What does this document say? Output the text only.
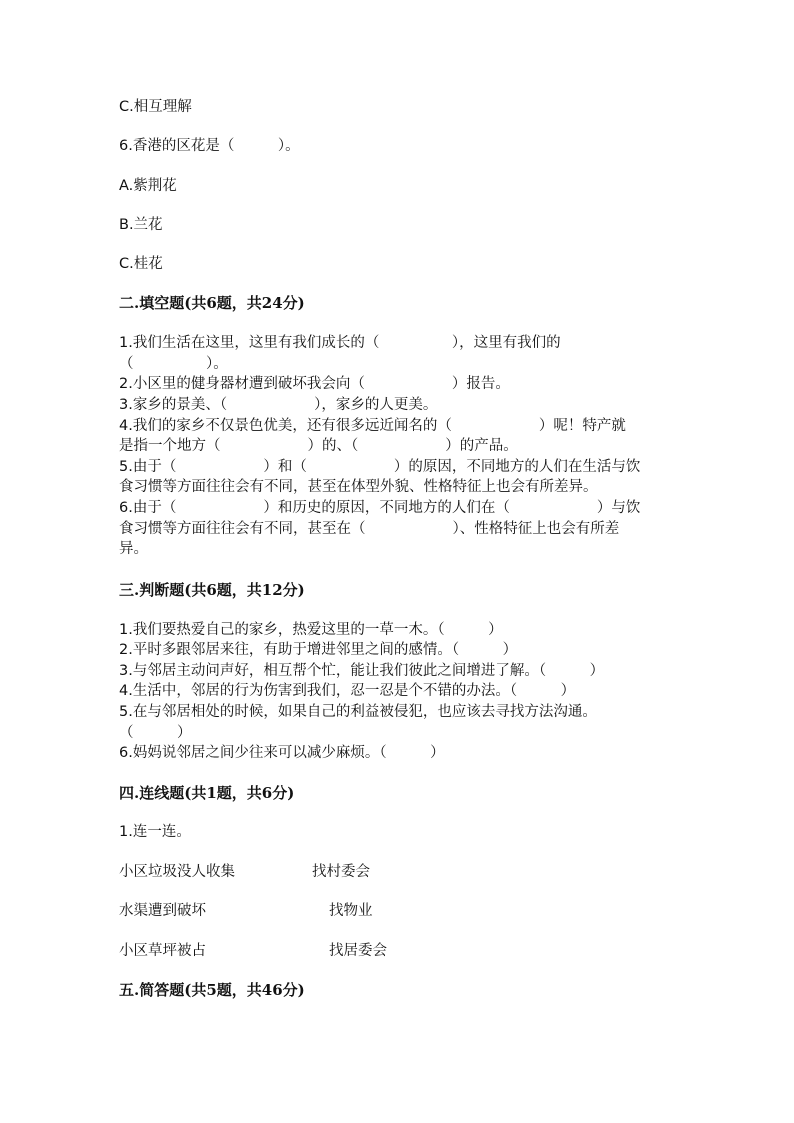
C.相互理解
6.香港的区花是（　　　）。
A.紫荆花
B.兰花
C.桂花
二.填空题(共6题，共24分)
1.我们生活在这里，这里有我们成长的（　　　　　），这里有我们的
（　　　　　）。
2.小区里的健身器材遭到破坏我会向（　　　　　　）报告。
3.家乡的景美、（　　　　　　），家乡的人更美。
4.我们的家乡不仅景色优美，还有很多远近闻名的（　　　　　　）呢！特产就
是指一个地方（　　　　　　）的、（　　　　　　）的产品。
5.由于（　　　　　　）和（　　　　　　）的原因，不同地方的人们在生活与饮
食习惯等方面往往会有不同，甚至在体型外貌、性格特征上也会有所差异。
6.由于（　　　　　　）和历史的原因，不同地方的人们在（　　　　　　）与饮
食习惯等方面往往会有不同，甚至在（　　　　　　）、性格特征上也会有所差
异。
三.判断题(共6题，共12分)
1.我们要热爱自己的家乡，热爱这里的一草一木。（　　　）
2.平时多跟邻居来往，有助于增进邻里之间的感情。（　　　）
3.与邻居主动问声好，相互帮个忙，能让我们彼此之间增进了解。（　　　）
4.生活中，邻居的行为伤害到我们，忍一忍是个不错的办法。（　　　）
5.在与邻居相处的时候，如果自己的利益被侵犯，也应该去寻找方法沟通。
（　　　）
6.妈妈说邻居之间少往来可以减少麻烦。（　　　）
四.连线题(共1题，共6分)
1.连一连。
小区垃圾没人收集	找村委会
水渠遭到破坏	找物业
小区草坪被占	找居委会
五.简答题(共5题，共46分)
